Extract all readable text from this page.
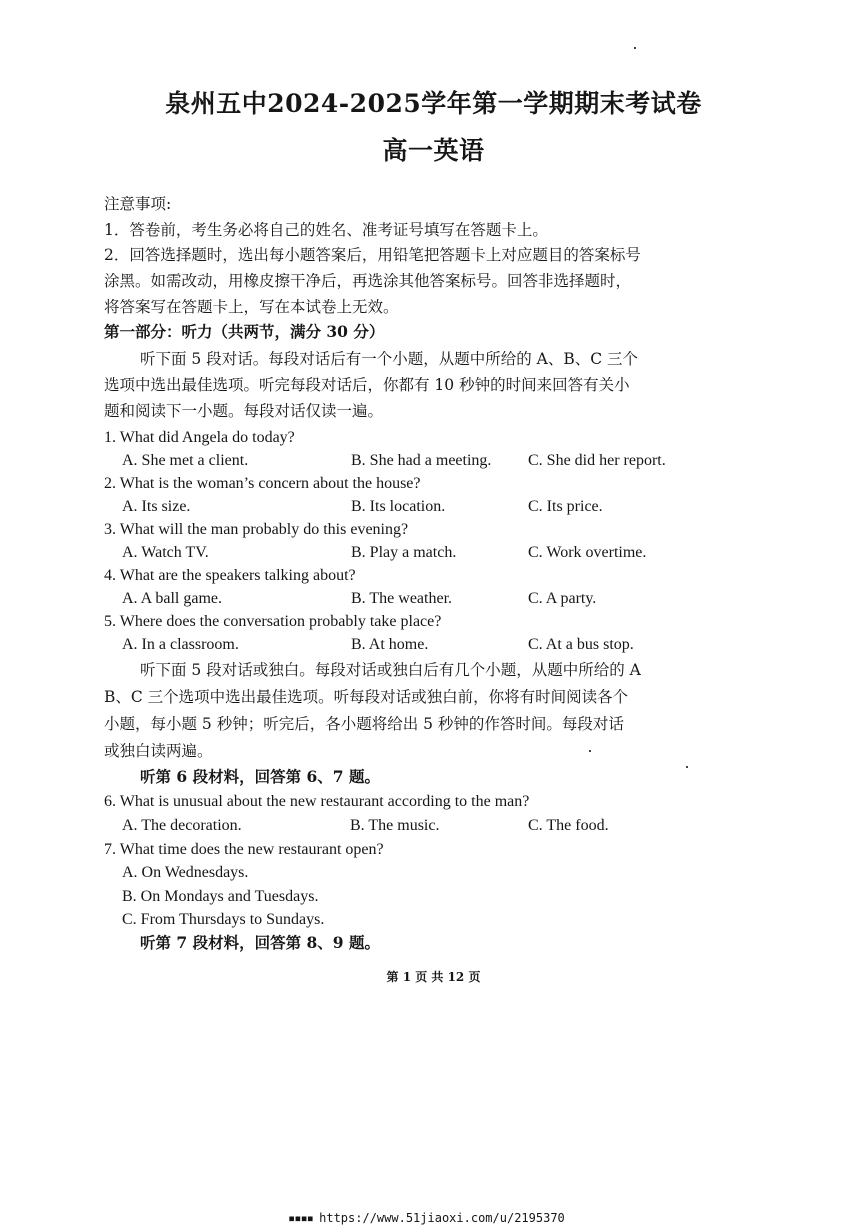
泉州五中2024-2025学年第一学期期末考试卷
高一英语
注意事项:
1．答卷前，考生务必将自己的姓名、准考证号填写在答题卡上。
2．回答选择题时，选出每小题答案后，用铅笔把答题卡上对应题目的答案标号
涂黑。如需改动，用橡皮擦干净后，再选涂其他答案标号。回答非选择题时，
将答案写在答题卡上，写在本试卷上无效。
第一部分：听力（共两节，满分 30 分）
听下面 5 段对话。每段对话后有一个小题，从题中所给的 A、B、C 三个
选项中选出最佳选项。听完每段对话后，你都有 10 秒钟的时间来回答有关小
题和阅读下一小题。每段对话仅读一遍。
1. What did Angela do today?
A. She met a client.	B. She had a meeting. C. She did her report.
2. What is the woman’s concern about the house?
A. Its size.	B. Its location.	C. Its price.
3. What will the man probably do this evening?
A. Watch TV.	B. Play a match.	C. Work overtime.
4. What are the speakers talking about?
A. A ball game.	B. The weather.	C. A party.
5. Where does the conversation probably take place?
A. In a classroom.	B. At home.	C. At a bus stop.
听下面 5 段对话或独白。每段对话或独白后有几个小题，从题中所给的 A
B、C 三个选项中选出最佳选项。听每段对话或独白前，你将有时间阅读各个
小题，每小题 5 秒钟；听完后，各小题将给出 5 秒钟的作答时间。每段对话
或独白读两遍。
听第 6 段材料，回答第 6、7 题。
6. What is unusual about the new restaurant according to the man?
A. The decoration.	B. The music.	C. The food.
7. What time does the new restaurant open?
A. On Wednesdays.
B. On Mondays and Tuesdays.
C. From Thursdays to Sundays.
听第 7 段材料，回答第 8、9 题。
第 1 页 共 12 页
▪▪▪▪ https://www.51jiaoxi.com/u/2195370
